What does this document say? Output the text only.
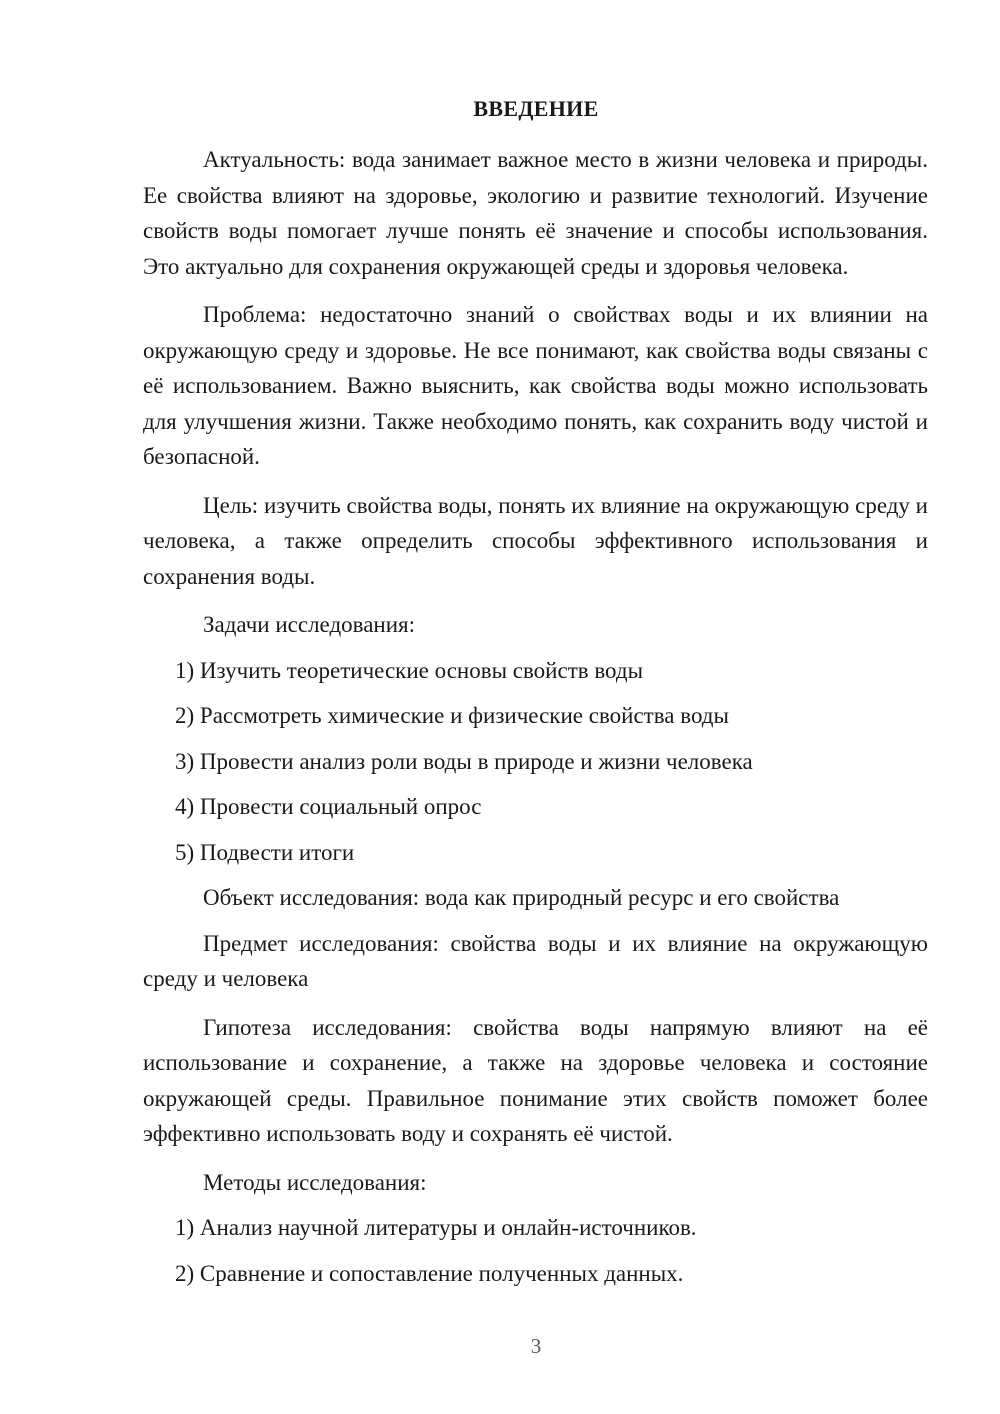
ВВЕДЕНИЕ

Актуальность: вода занимает важное место в жизни человека и природы. Ее свойства влияют на здоровье, экологию и развитие технологий. Изучение свойств воды помогает лучше понять её значение и способы использования. Это актуально для сохранения окружающей среды и здоровья человека.

Проблема: недостаточно знаний о свойствах воды и их влиянии на окружающую среду и здоровье. Не все понимают, как свойства воды связаны с её использованием. Важно выяснить, как свойства воды можно использовать для улучшения жизни. Также необходимо понять, как сохранить воду чистой и безопасной.

Цель: изучить свойства воды, понять их влияние на окружающую среду и человека, а также определить способы эффективного использования и сохранения воды.

Задачи исследования:

1) Изучить теоретические основы свойств воды
2) Рассмотреть химические и физические свойства воды
3) Провести анализ роли воды в природе и жизни человека
4) Провести социальный опрос
5) Подвести итоги

Объект исследования: вода как природный ресурс и его свойства

Предмет исследования: свойства воды и их влияние на окружающую среду и человека

Гипотеза исследования: свойства воды напрямую влияют на её использование и сохранение, а также на здоровье человека и состояние окружающей среды. Правильное понимание этих свойств поможет более эффективно использовать воду и сохранять её чистой.

Методы исследования:

1) Анализ научной литературы и онлайн-источников.
2) Сравнение и сопоставление полученных данных.
3
